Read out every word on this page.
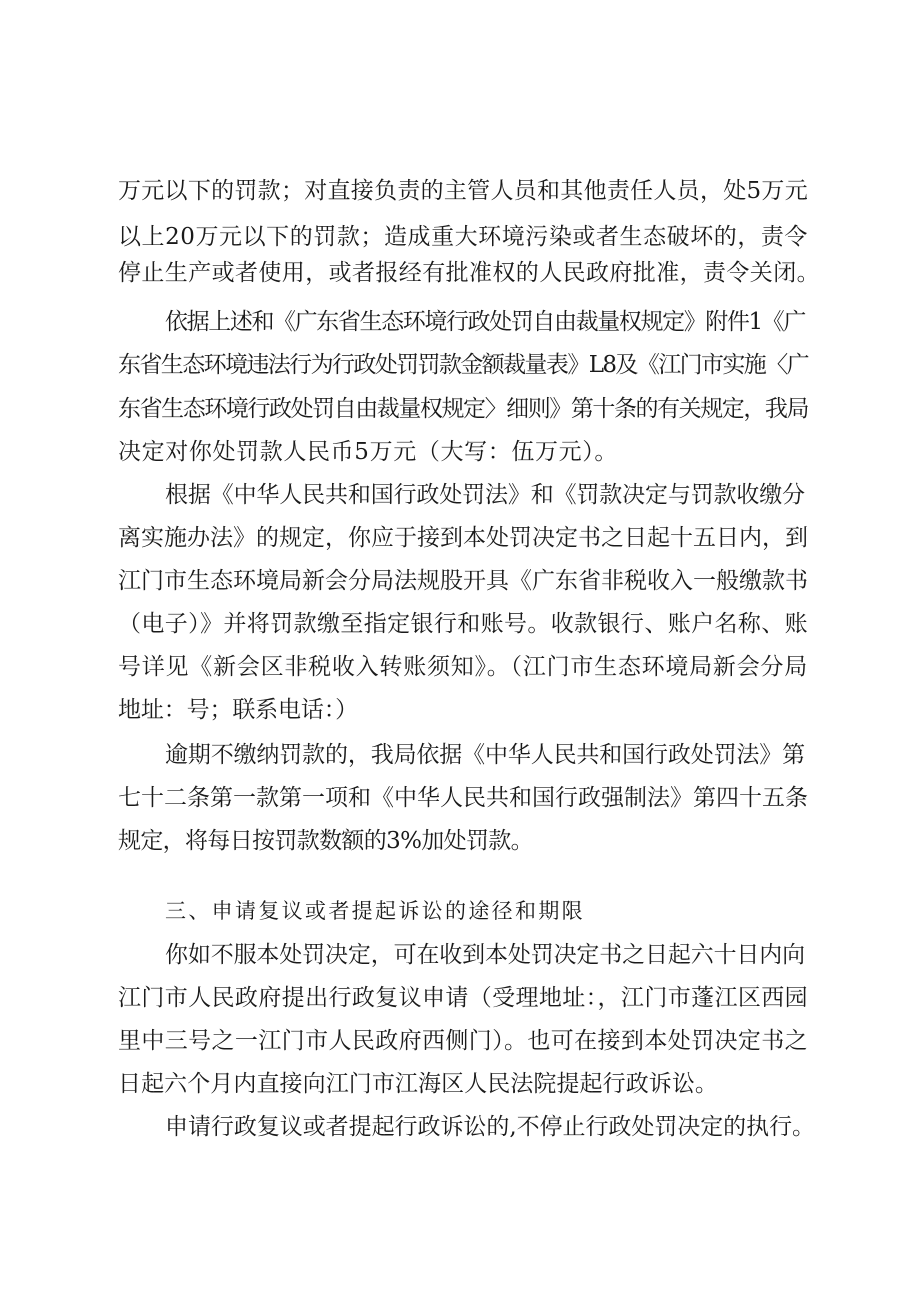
万元以下的罚款；对直接负责的主管人员和其他责任人员，处5万元
以上20万元以下的罚款；造成重大环境污染或者生态破坏的，责令
停止生产或者使用，或者报经有批准权的人民政府批准，责令关闭。
依据上述和《广东省生态环境行政处罚自由裁量权规定》附件1《广
东省生态环境违法行为行政处罚罚款金额裁量表》L8及《江门市实施〈广
东省生态环境行政处罚自由裁量权规定〉细则》第十条的有关规定，我局
决定对你处罚款人民币5万元（大写：伍万元）。
根据《中华人民共和国行政处罚法》和《罚款决定与罚款收缴分
离实施办法》的规定，你应于接到本处罚决定书之日起十五日内，到
江门市生态环境局新会分局法规股开具《广东省非税收入一般缴款书
（电子）》并将罚款缴至指定银行和账号。收款银行、账户名称、账
号详见《新会区非税收入转账须知》。（江门市生态环境局新会分局
地址：号；联系电话：）
逾期不缴纳罚款的，我局依据《中华人民共和国行政处罚法》第
七十二条第一款第一项和《中华人民共和国行政强制法》第四十五条
规定，将每日按罚款数额的3%加处罚款。
三、申请复议或者提起诉讼的途径和期限
你如不服本处罚决定，可在收到本处罚决定书之日起六十日内向
江门市人民政府提出行政复议申请（受理地址：，江门市蓬江区西园
里中三号之一江门市人民政府西侧门）。也可在接到本处罚决定书之
日起六个月内直接向江门市江海区人民法院提起行政诉讼。
申请行政复议或者提起行政诉讼的,不停止行政处罚决定的执行。
